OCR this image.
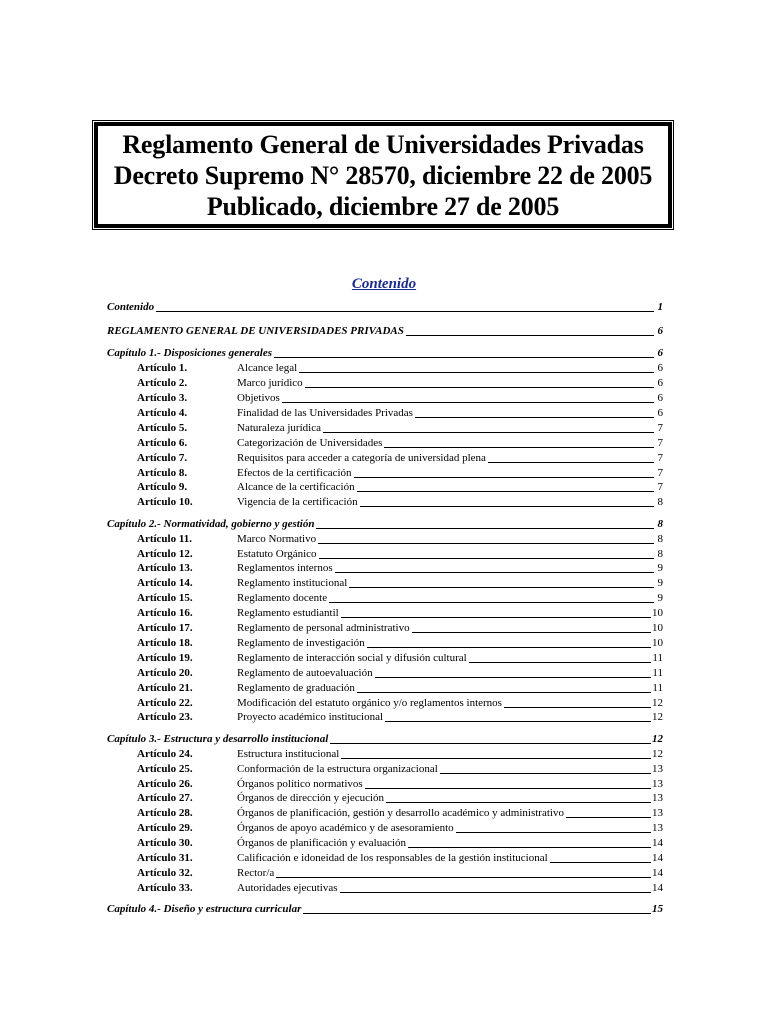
Reglamento General de Universidades Privadas
Decreto Supremo N° 28570, diciembre 22 de 2005
Publicado, diciembre 27 de 2005
Contenido
Contenido	1
REGLAMENTO GENERAL DE UNIVERSIDADES PRIVADAS	6
Capítulo 1.- Disposiciones generales	6
Artículo 1.	Alcance legal	6
Artículo 2.	Marco jurídico	6
Artículo 3.	Objetivos	6
Artículo 4.	Finalidad de las Universidades Privadas	6
Artículo 5.	Naturaleza jurídica	7
Artículo 6.	Categorización de Universidades	7
Artículo 7.	Requisitos para acceder a categoría de universidad plena	7
Artículo 8.	Efectos de la certificación	7
Artículo 9.	Alcance de la certificación	7
Artículo 10.	Vigencia de la certificación	8
Capítulo 2.- Normatividad, gobierno y gestión	8
Artículo 11.	Marco Normativo	8
Artículo 12.	Estatuto Orgánico	8
Artículo 13.	Reglamentos internos	9
Artículo 14.	Reglamento institucional	9
Artículo 15.	Reglamento docente	9
Artículo 16.	Reglamento estudiantil	10
Artículo 17.	Reglamento de personal administrativo	10
Artículo 18.	Reglamento de investigación	10
Artículo 19.	Reglamento de interacción social y difusión cultural	11
Artículo 20.	Reglamento de autoevaluación	11
Artículo 21.	Reglamento de graduación	11
Artículo 22.	Modificación del estatuto orgánico y/o reglamentos internos	12
Artículo 23.	Proyecto académico institucional	12
Capítulo 3.- Estructura y desarrollo institucional	12
Artículo 24.	Estructura institucional	12
Artículo 25.	Conformación de la estructura organizacional	13
Artículo 26.	Órganos político normativos	13
Artículo 27.	Órganos de dirección y ejecución	13
Artículo 28.	Órganos de planificación, gestión y desarrollo académico y administrativo	13
Artículo 29.	Órganos de apoyo académico y de asesoramiento	13
Artículo 30.	Órganos de planificación y evaluación	14
Artículo 31.	Calificación e idoneidad de los responsables de la gestión institucional	14
Artículo 32.	Rector/a	14
Artículo 33.	Autoridades ejecutivas	14
Capítulo 4.- Diseño y estructura curricular	15
